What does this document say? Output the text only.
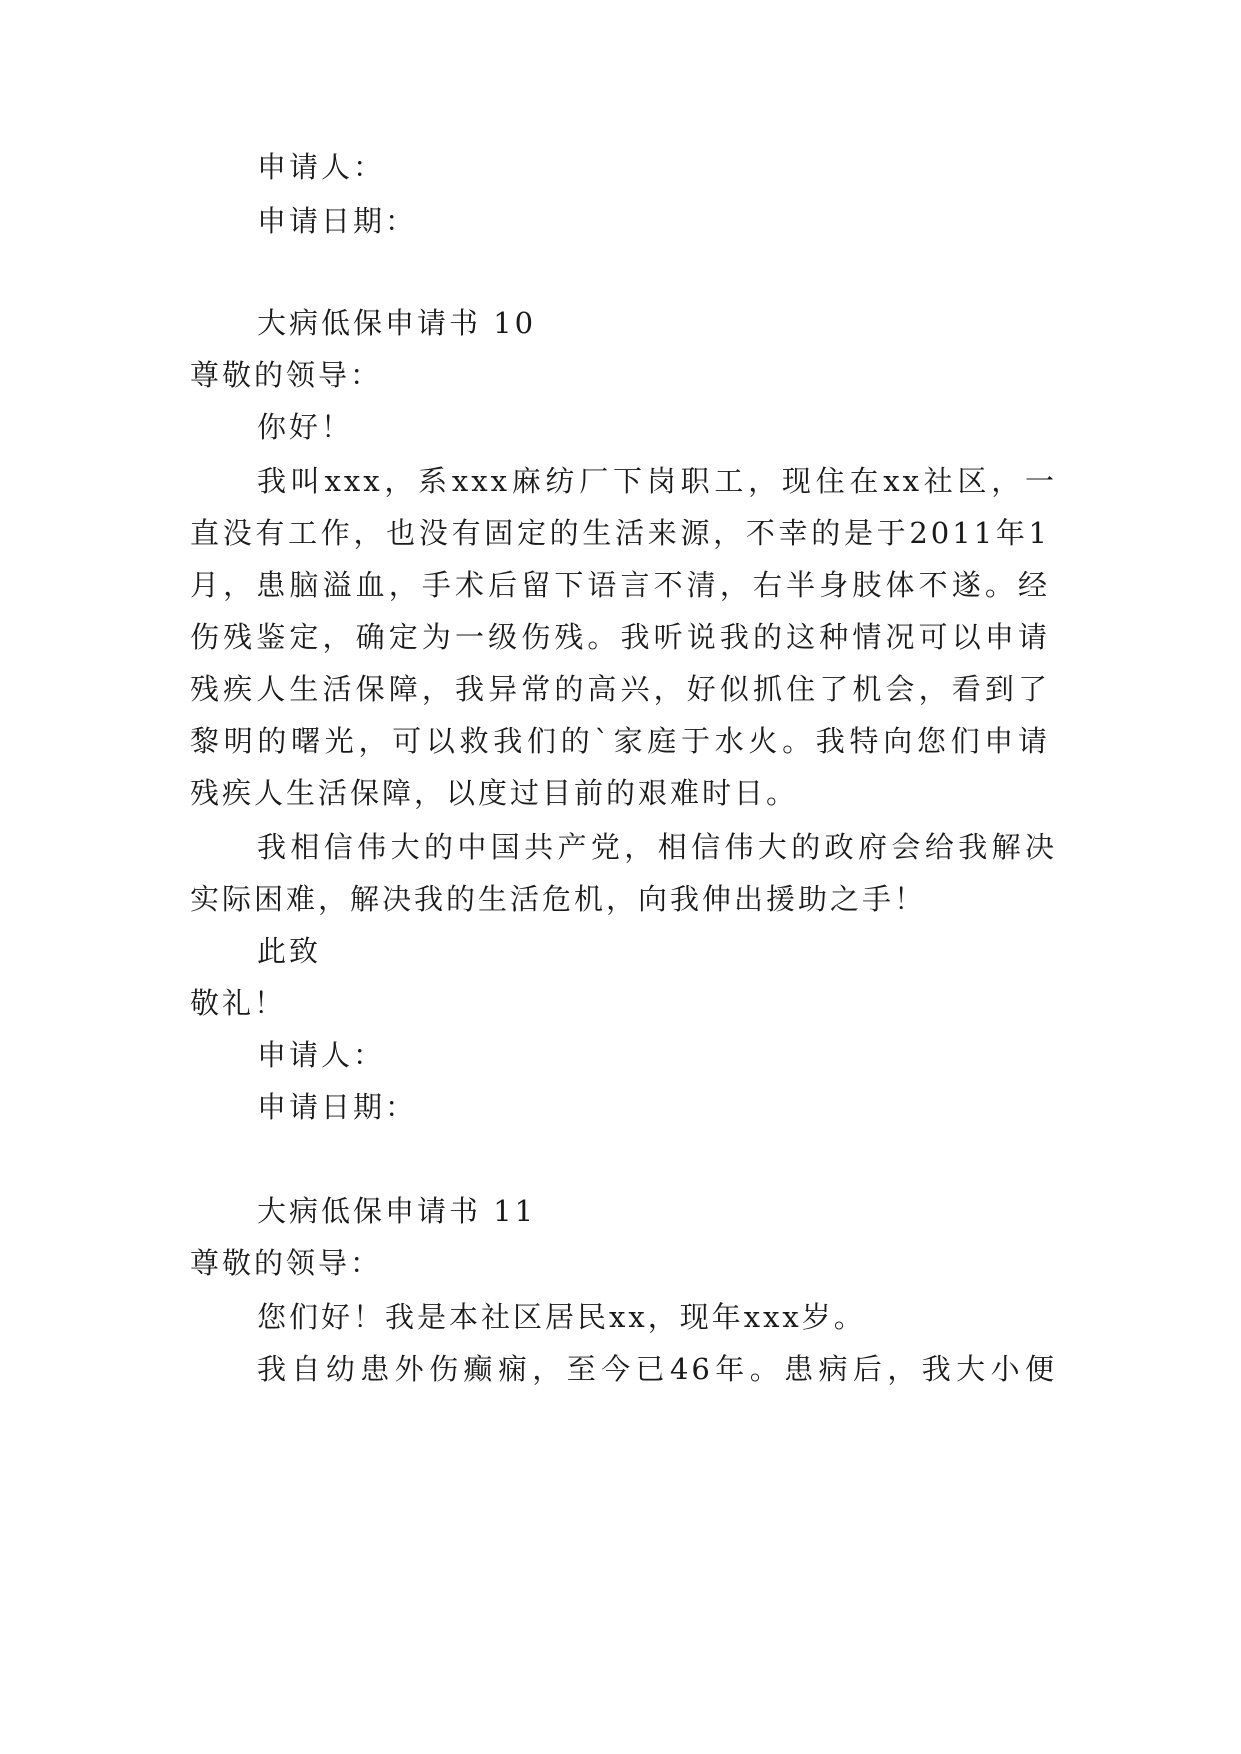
申请人：
申请日期：
大病低保申请书 10
尊敬的领导：
你好！
我叫xxx，系xxx麻纺厂下岗职工，现住在xx社区，一
直没有工作，也没有固定的生活来源，不幸的是于2011年1
月，患脑溢血，手术后留下语言不清，右半身肢体不遂。经
伤残鉴定，确定为一级伤残。我听说我的这种情况可以申请
残疾人生活保障，我异常的高兴，好似抓住了机会，看到了
黎明的曙光，可以救我们的`家庭于水火。我特向您们申请
残疾人生活保障，以度过目前的艰难时日。
我相信伟大的中国共产党，相信伟大的政府会给我解决
实际困难，解决我的生活危机，向我伸出援助之手！
此致
敬礼！
申请人：
申请日期：
大病低保申请书 11
尊敬的领导：
您们好！我是本社区居民xx，现年xxx岁。
我自幼患外伤癫痫，至今已46年。患病后，我大小便
